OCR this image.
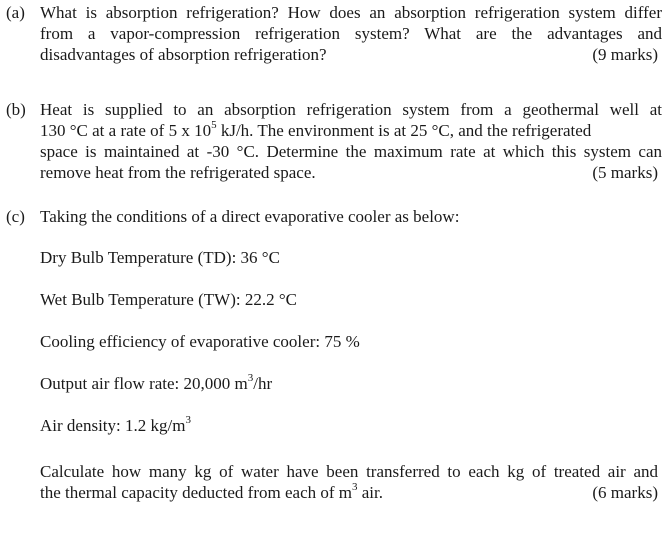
(a) What is absorption refrigeration? How does an absorption refrigeration system differ
from a vapor-compression refrigeration system? What are the advantages and
disadvantages of absorption refrigeration?	(9 marks)
(b) Heat is supplied to an absorption refrigeration system from a geothermal well at
130 °C at a rate of 5 x $10^5$ kJ/h. The environment is at 25 °C, and the refrigerated
space is maintained at -30 °C. Determine the maximum rate at which this system can
remove heat from the refrigerated space.	(5 marks)
(c) Taking the conditions of a direct evaporative cooler as below:
Dry Bulb Temperature (TD): 36 °C
Wet Bulb Temperature (TW): 22.2 °C
Cooling efficiency of evaporative cooler: 75 %
Output air flow rate: 20,000 $m^3/hr$
Air density: 1.2 $kg/m^3$
Calculate how many kg of water have been transferred to each kg of treated air and
the thermal capacity deducted from each of $m^3$ air.	(6 marks)
